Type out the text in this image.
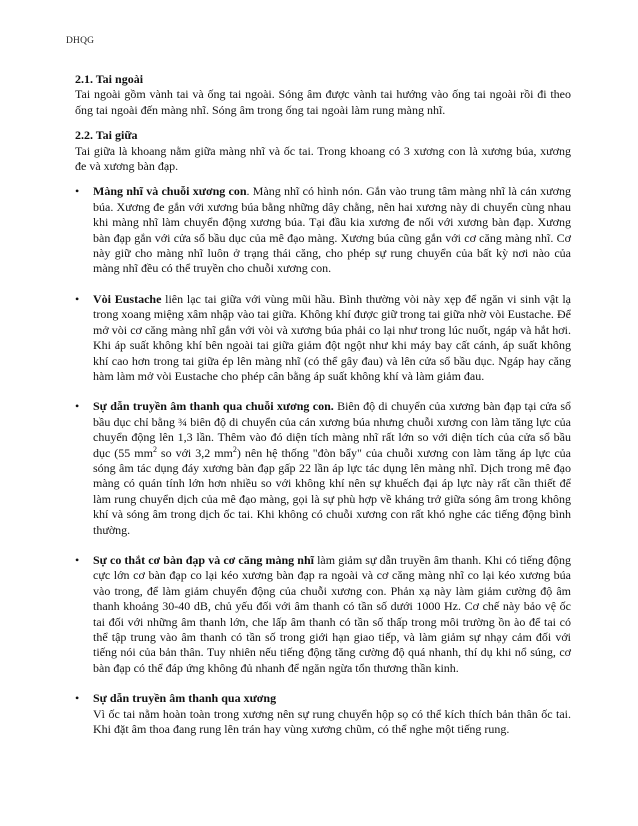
DHQG

2.1. Tai ngoài

Tai ngoài gồm vành tai và ống tai ngoài. Sóng âm được vành tai hướng vào ống tai ngoài rồi đi theo ống tai ngoài đến màng nhĩ. Sóng âm trong ống tai ngoài làm rung màng nhĩ.

2.2. Tai giữa

Tai giữa là khoang nằm giữa màng nhĩ và ốc tai. Trong khoang có 3 xương con là xương búa, xương đe và xương bàn đạp.

• Màng nhĩ và chuỗi xương con. Màng nhĩ có hình nón. Gắn vào trung tâm màng nhĩ là cán xương búa. Xương đe gắn với xương búa bằng những dây chằng, nên hai xương này di chuyển cùng nhau khi màng nhĩ làm chuyển động xương búa. Tại đầu kia xương đe nối với xương bàn đạp. Xương bàn đạp gắn với cửa sổ bầu dục của mê đạo màng. Xương búa cũng gắn với cơ căng màng nhĩ. Cơ này giữ cho màng nhĩ luôn ở trạng thái căng, cho phép sự rung chuyển của bất kỳ nơi nào của màng nhĩ đều có thể truyền cho chuỗi xương con.
• Vòi Eustache liên lạc tai giữa với vùng mũi hầu. Bình thường vòi này xẹp để ngăn vi sinh vật lạ trong xoang miệng xâm nhập vào tai giữa. Không khí được giữ trong tai giữa nhờ vòi Eustache. Để mở vòi cơ căng màng nhĩ gắn với vòi và xương búa phải co lại như trong lúc nuốt, ngáp và hắt hơi. Khi áp suất không khí bên ngoài tai giữa giảm đột ngột như khi máy bay cất cánh, áp suất không khí cao hơn trong tai giữa ép lên màng nhĩ (có thể gây đau) và lên cửa sổ bầu dục. Ngáp hay căng hàm làm mở vòi Eustache cho phép cân bằng áp suất không khí và làm giảm đau.
• Sự dẫn truyền âm thanh qua chuỗi xương con. Biên độ di chuyển của xương bàn đạp tại cửa sổ bầu dục chỉ bằng ¾ biên độ di chuyển của cán xương búa nhưng chuỗi xương con làm tăng lực của chuyển động lên 1,3 lần. Thêm vào đó diện tích màng nhĩ rất lớn so với diện tích của cửa sổ bầu dục (55 $mm^2$ so với 3,2 $mm^2$) nên hệ thống "đòn bẩy" của chuỗi xương con làm tăng áp lực của sóng âm tác dụng đáy xương bàn đạp gấp 22 lần áp lực tác dụng lên màng nhĩ. Dịch trong mê đạo màng có quán tính lớn hơn nhiều so với không khí nên sự khuếch đại áp lực này rất cần thiết để làm rung chuyển dịch của mê đạo màng, gọi là sự phù hợp về kháng trở giữa sóng âm trong không khí và sóng âm trong dịch ốc tai. Khi không có chuỗi xương con rất khó nghe các tiếng động bình thường.
• Sự co thắt cơ bàn đạp và cơ căng màng nhĩ làm giảm sự dẫn truyền âm thanh. Khi có tiếng động cực lớn cơ bàn đạp co lại kéo xương bàn đạp ra ngoài và cơ căng màng nhĩ co lại kéo xương búa vào trong, để làm giảm chuyển động của chuỗi xương con. Phản xạ này làm giảm cường độ âm thanh khoảng 30-40 dB, chủ yếu đối với âm thanh có tần số dưới 1000 Hz. Cơ chế này bảo vệ ốc tai đối với những âm thanh lớn, che lấp âm thanh có tần số thấp trong môi trường ồn ào để tai có thể tập trung vào âm thanh có tần số trong giới hạn giao tiếp, và làm giảm sự nhạy cảm đối với tiếng nói của bản thân. Tuy nhiên nếu tiếng động tăng cường độ quá nhanh, thí dụ khi nổ súng, cơ bàn đạp có thể đáp ứng không đủ nhanh để ngăn ngừa tổn thương thần kinh.
• Sự dẫn truyền âm thanh qua xương
Vì ốc tai nằm hoàn toàn trong xương nên sự rung chuyển hộp sọ có thể kích thích bản thân ốc tai. Khi đặt âm thoa đang rung lên trán hay vùng xương chũm, có thể nghe một tiếng rung.
